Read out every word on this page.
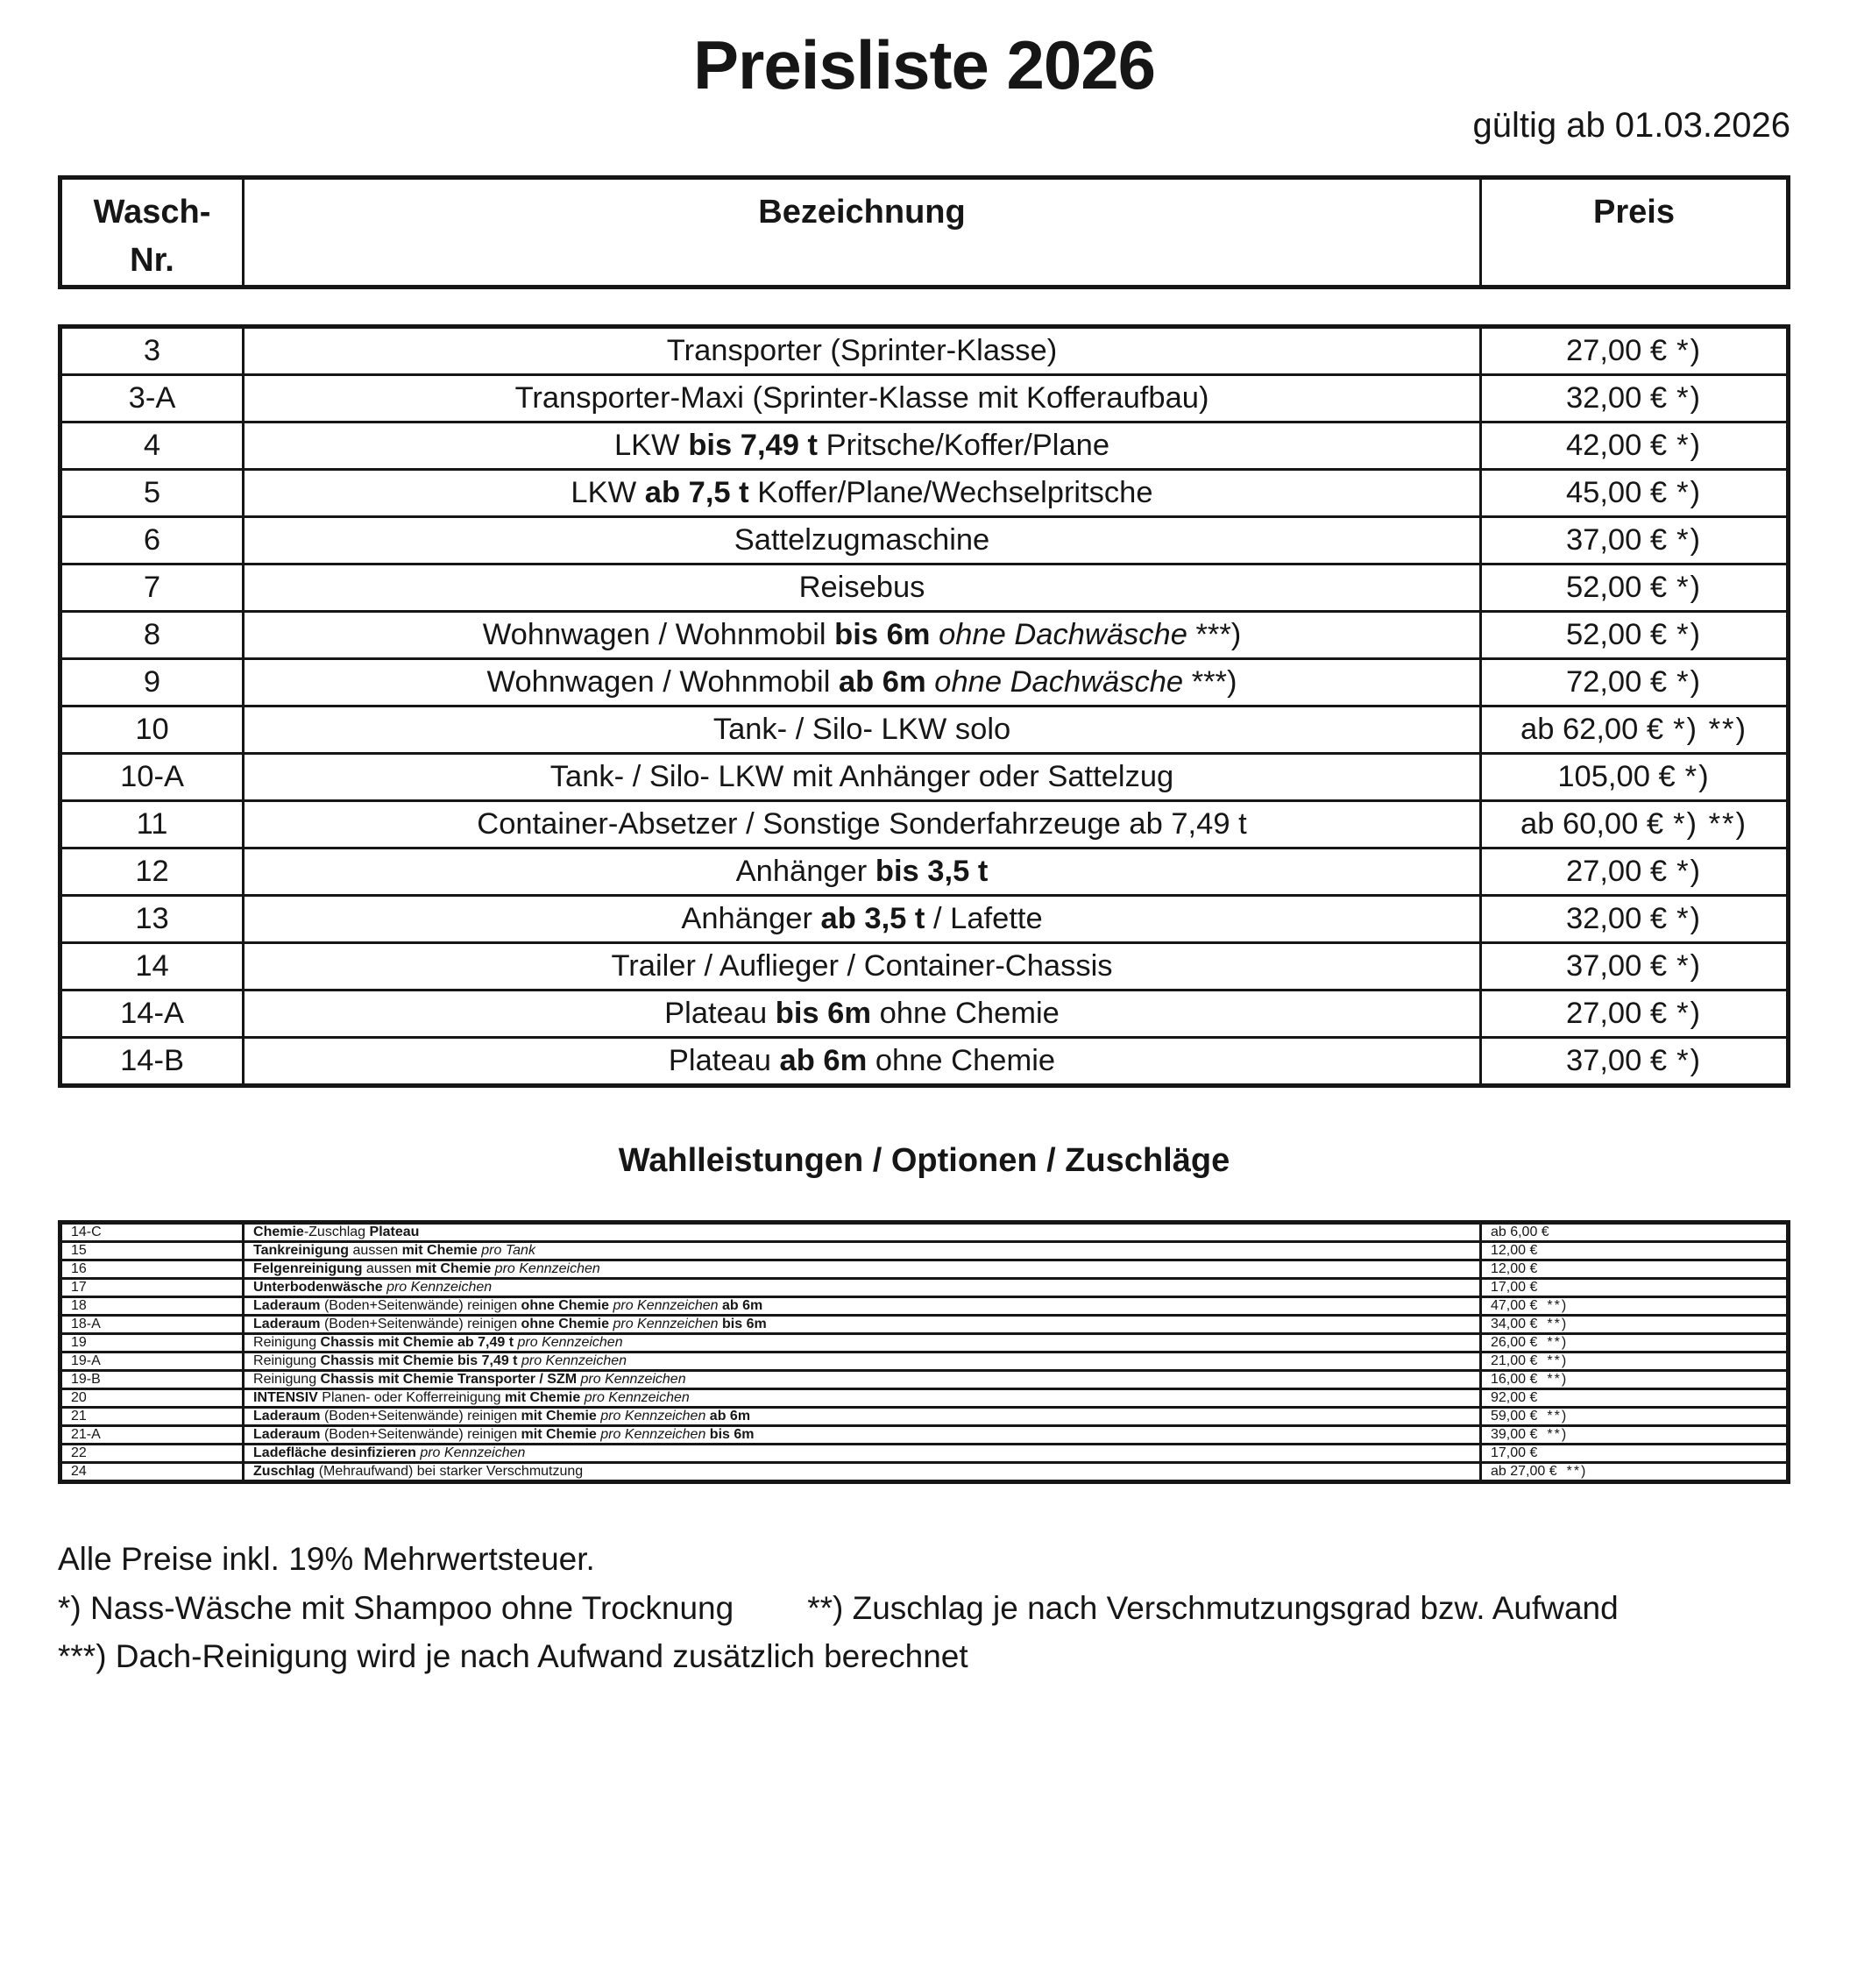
Preisliste 2026
gültig ab 01.03.2026
Wasch-
Nr.	Bezeichnung	Preis
3	Transporter (Sprinter-Klasse)	27,00 € *)
3-A	Transporter-Maxi (Sprinter-Klasse mit Kofferaufbau)	32,00 € *)
4	LKW bis 7,49 t Pritsche/Koffer/Plane	42,00 € *)
5	LKW ab 7,5 t Koffer/Plane/Wechselpritsche	45,00 € *)
6	Sattelzugmaschine	37,00 € *)
7	Reisebus	52,00 € *)
8	Wohnwagen / Wohnmobil bis 6m ohne Dachwäsche ***)	52,00 € *)
9	Wohnwagen / Wohnmobil ab 6m ohne Dachwäsche ***)	72,00 € *)
10	Tank- / Silo- LKW solo	ab 62,00 € *) **)
10-A	Tank- / Silo- LKW mit Anhänger oder Sattelzug	105,00 € *)
11	Container-Absetzer / Sonstige Sonderfahrzeuge ab 7,49 t	ab 60,00 € *) **)
12	Anhänger bis 3,5 t	27,00 € *)
13	Anhänger ab 3,5 t / Lafette	32,00 € *)
14	Trailer / Auflieger / Container-Chassis	37,00 € *)
14-A	Plateau bis 6m ohne Chemie	27,00 € *)
14-B	Plateau ab 6m ohne Chemie	37,00 € *)
Wahlleistungen / Optionen / Zuschläge
14-C	Chemie-Zuschlag Plateau	ab 6,00 €
15	Tankreinigung aussen mit Chemie pro Tank	12,00 €
16	Felgenreinigung aussen mit Chemie pro Kennzeichen	12,00 €
17	Unterbodenwäsche pro Kennzeichen	17,00 €
18	Laderaum (Boden+Seitenwände) reinigen ohne Chemie pro Kennzeichen ab 6m	47,00 € **)
18-A	Laderaum (Boden+Seitenwände) reinigen ohne Chemie pro Kennzeichen bis 6m	34,00 € **)
19	Reinigung Chassis mit Chemie ab 7,49 t pro Kennzeichen	26,00 € **)
19-A	Reinigung Chassis mit Chemie bis 7,49 t pro Kennzeichen	21,00 € **)
19-B	Reinigung Chassis mit Chemie Transporter / SZM pro Kennzeichen	16,00 € **)
20	INTENSIV Planen- oder Kofferreinigung mit Chemie pro Kennzeichen	92,00 €
21	Laderaum (Boden+Seitenwände) reinigen mit Chemie pro Kennzeichen ab 6m	59,00 € **)
21-A	Laderaum (Boden+Seitenwände) reinigen mit Chemie pro Kennzeichen bis 6m	39,00 € **)
22	Ladefläche desinfizieren pro Kennzeichen	17,00 €
24	Zuschlag (Mehraufwand) bei starker Verschmutzung	ab 27,00 € **)
Alle Preise inkl. 19% Mehrwertsteuer.
*) Nass-Wäsche mit Shampoo ohne Trocknung **) Zuschlag je nach Verschmutzungsgrad bzw. Aufwand
***) Dach-Reinigung wird je nach Aufwand zusätzlich berechnet
